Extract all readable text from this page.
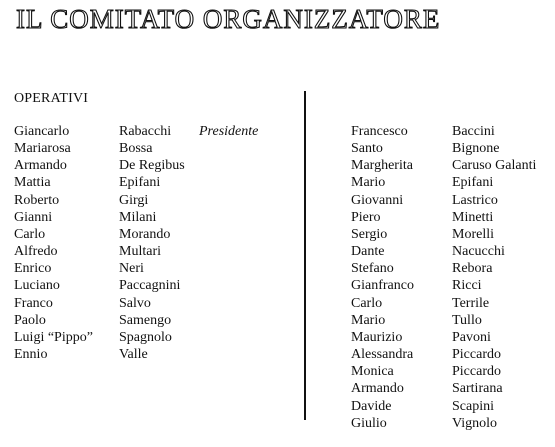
IL COMITATO ORGANIZZATORE
OPERATIVI
Giancarlo
Mariarosa
Armando
Mattia
Roberto
Gianni
Carlo
Alfredo
Enrico
Luciano
Franco
Paolo
Luigi “Pippo”
Ennio
Rabacchi
Bossa
De Regibus
Epifani
Girgi
Milani
Morando
Multari
Neri
Paccagnini
Salvo
Samengo
Spagnolo
Valle
Presidente	Francesco
Santo
Margherita
Mario
Giovanni
Piero
Sergio
Dante
Stefano
Gianfranco
Carlo
Mario
Maurizio
Alessandra
Monica
Armando
Davide
Giulio
Baccini
Bignone
Caruso Galanti
Epifani
Lastrico
Minetti
Morelli
Nacucchi
Rebora
Ricci
Terrile
Tullo
Pavoni
Piccardo
Piccardo
Sartirana
Scapini
Vignolo
